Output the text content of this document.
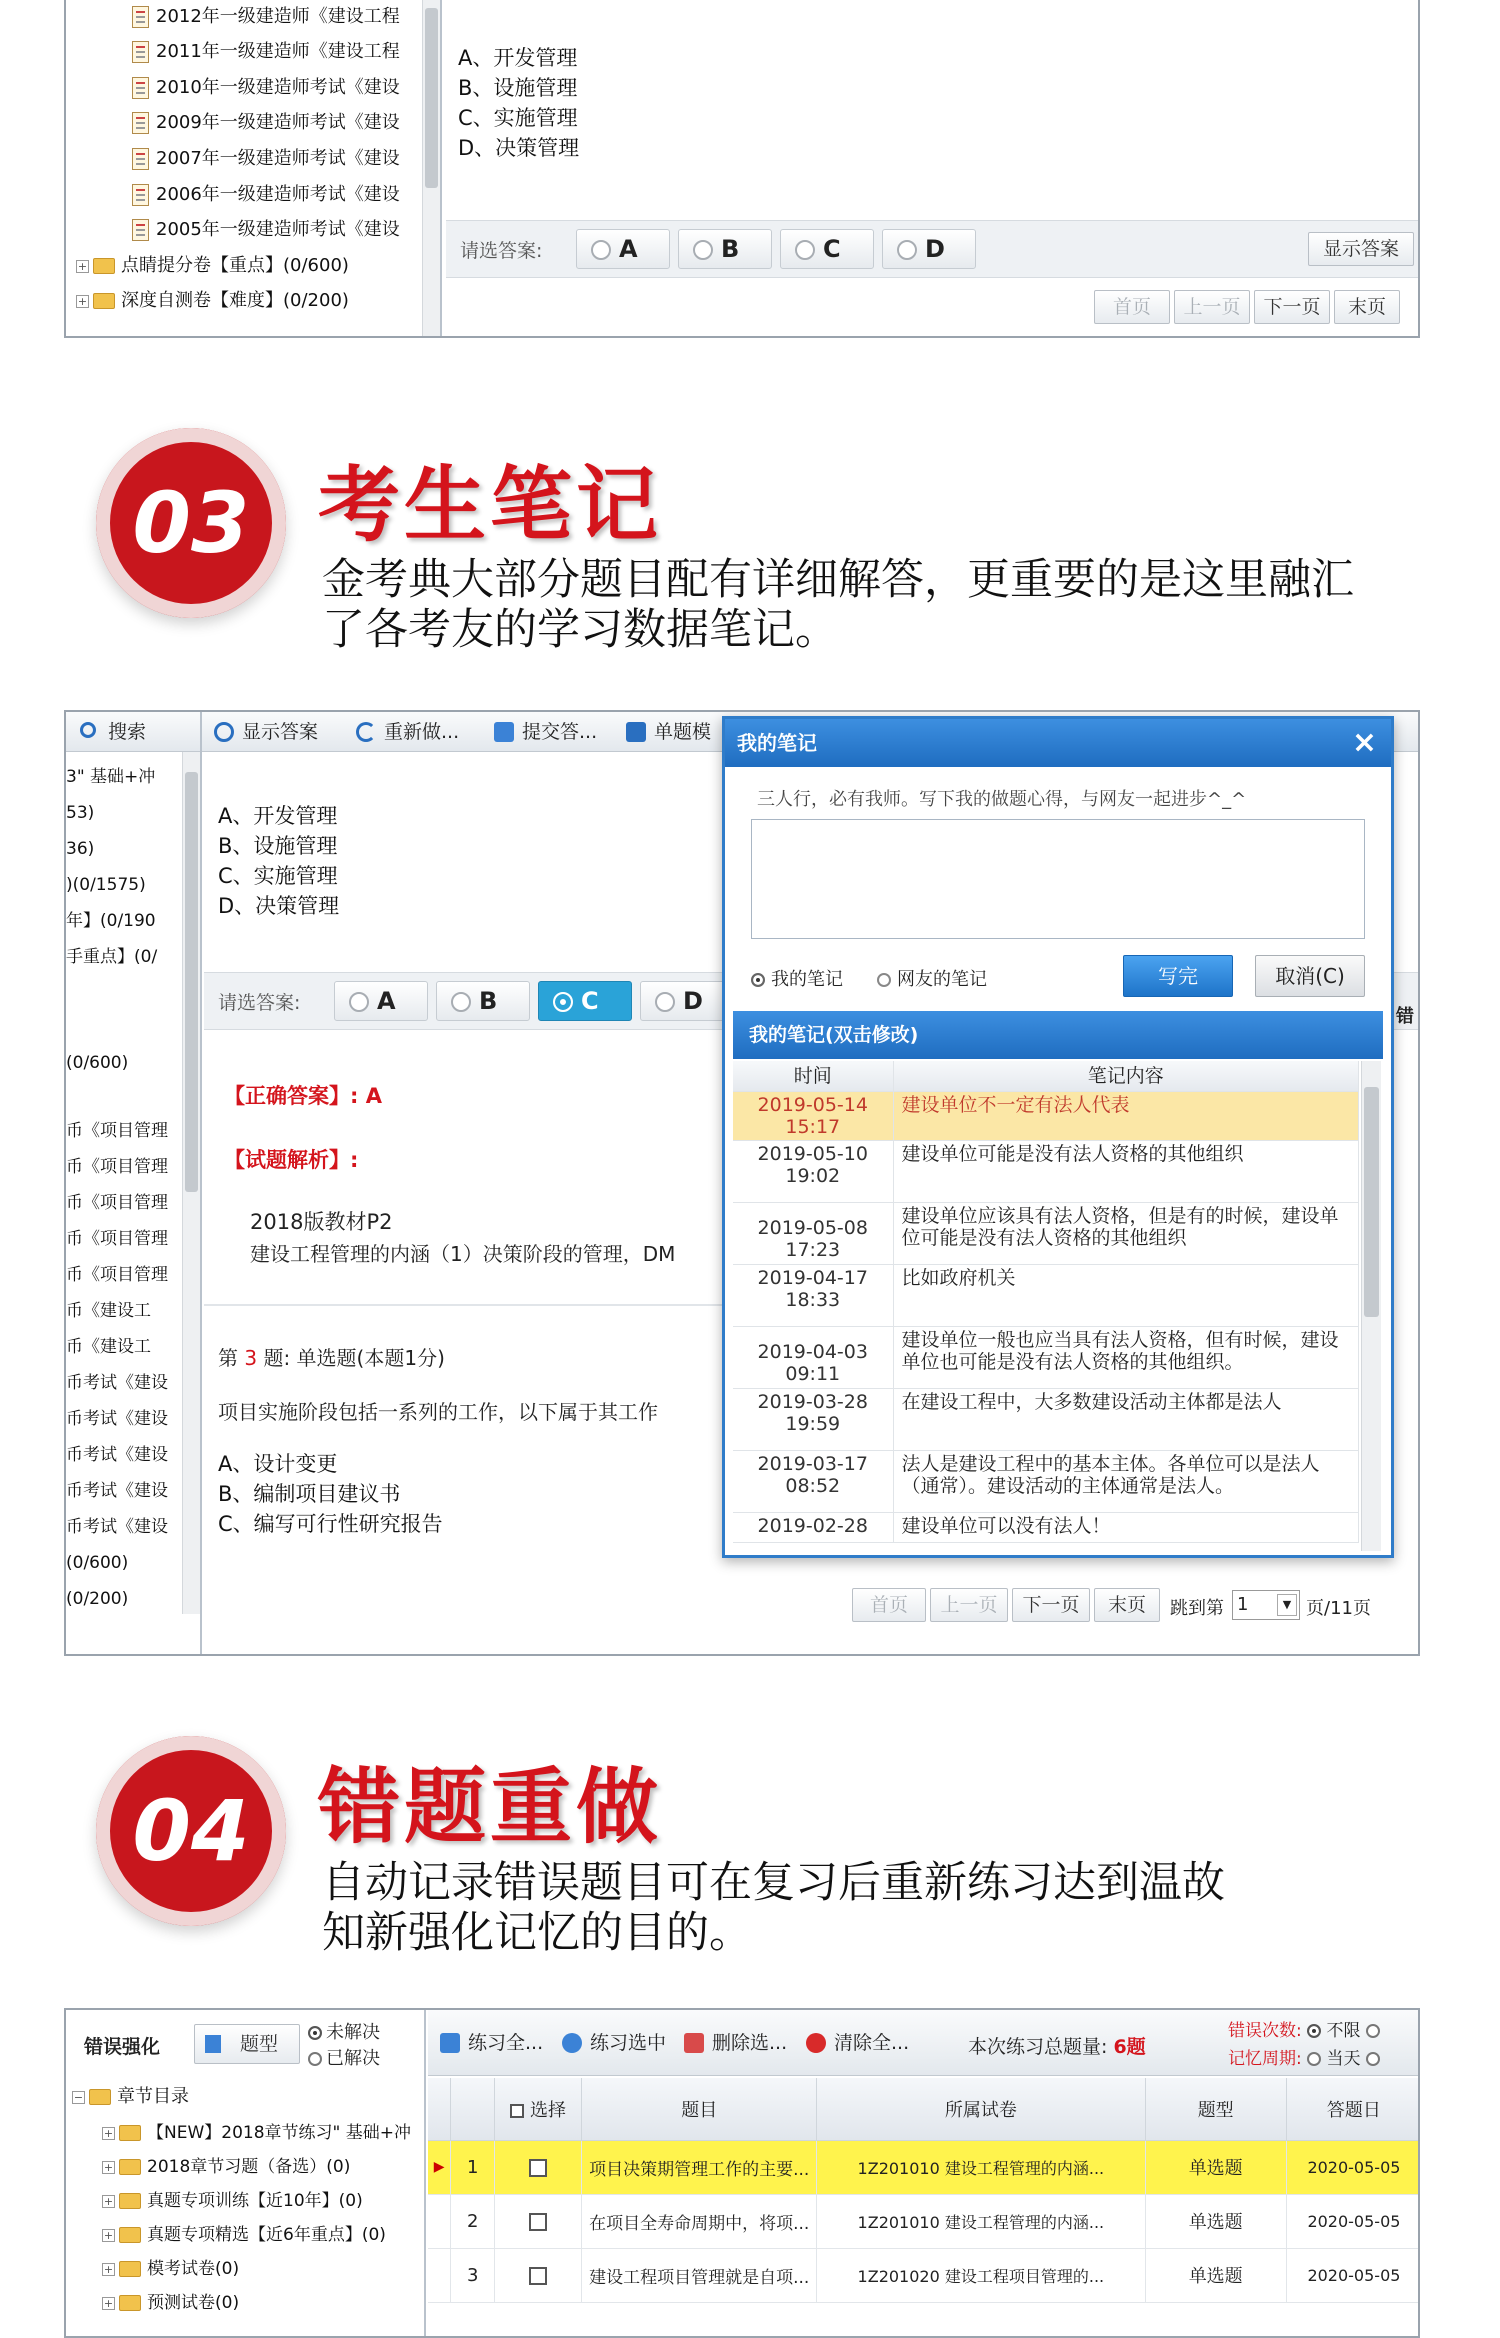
2012年一级建造师《建设工程
2011年一级建造师《建设工程
2010年一级建造师考试《建设
2009年一级建造师考试《建设
2007年一级建造师考试《建设
2006年一级建造师考试《建设
2005年一级建造师考试《建设
+ 点睛提分卷【重点】(0/600)
+ 深度自测卷【难度】(0/200)
A、开发管理
B、设施管理
C、实施管理
D、决策管理
请选答案:	A	B	C	D	显示答案
首页	上一页	下一页	末页
03 考生笔记
金考典大部分题目配有详细解答，更重要的是这里融汇
了各考友的学习数据笔记。
搜索
3" 基础+冲
53)
36)
)(0/1575)
年】(0/190
手重点】(0/
(0/600)
币《项目管理
币《项目管理
币《项目管理
币《项目管理
币《项目管理
币《建设工
币《建设工
币考试《建设
币考试《建设
币考试《建设
币考试《建设
币考试《建设
(0/600)
(0/200)
显示答案	重新做...	提交答...	单题模
A、开发管理
B、设施管理
C、实施管理
D、决策管理
请选答案:	A	B	C	D
【正确答案】: A
【试题解析】:
2018版教材P2
建设工程管理的内涵（1）决策阶段的管理，DM
第 3 题: 单选题(本题1分)
项目实施阶段包括一系列的工作，以下属于其工作
A、设计变更
B、编制项目建议书
C、编写可行性研究报告
首页	上一页	下一页	末页	跳到第 1	▼ 页/11页
错
我的笔记	×
三人行，必有我师。写下我的做题心得，与网友一起进步^_^
我的笔记	网友的笔记	写完	取消(C)
我的笔记(双击修改)
时间	笔记内容
2019-05-14
15:17	建设单位不一定有法人代表
2019-05-10
19:02	建设单位可能是没有法人资格的其他组织
2019-05-08
17:23	建设单位应该具有法人资格，但是有的时候，建设单位可能是没有法人资格的其他组织
2019-04-17
18:33	比如政府机关
2019-04-03
09:11	建设单位一般也应当具有法人资格，但有时候，建设单位也可能是没有法人资格的其他组织。
2019-03-28
19:59	在建设工程中，大多数建设活动主体都是法人
2019-03-17
08:52	法人是建设工程中的基本主体。各单位可以是法人（通常）。建设活动的主体通常是法人。
2019-02-28	建设单位可以没有法人！
04 错题重做
自动记录错误题目可在复习后重新练习达到温故
知新强化记忆的目的。
错误强化	题型
未解决
已解决
− 章节目录
+ 【NEW】2018章节练习" 基础+冲
+ 2018章节习题（备选）(0)
+ 真题专项训练【近10年】(0)
+ 真题专项精选【近6年重点】(0)
+ 模考试卷(0)
+ 预测试卷(0)
练习全...	练习选中	删除选...	清除全...	本次练习总题量: 6题
错误次数: 不限
记忆周期: 当天
		选择	题目	所属试卷	题型	答题日
▶	1		项目决策期管理工作的主要...	1Z201010 建设工程管理的内涵...	单选题	2020-05-05
	2		在项目全寿命周期中，将项...	1Z201010 建设工程管理的内涵...	单选题	2020-05-05
	3		建设工程项目管理就是自项...	1Z201020 建设工程项目管理的...	单选题	2020-05-05
